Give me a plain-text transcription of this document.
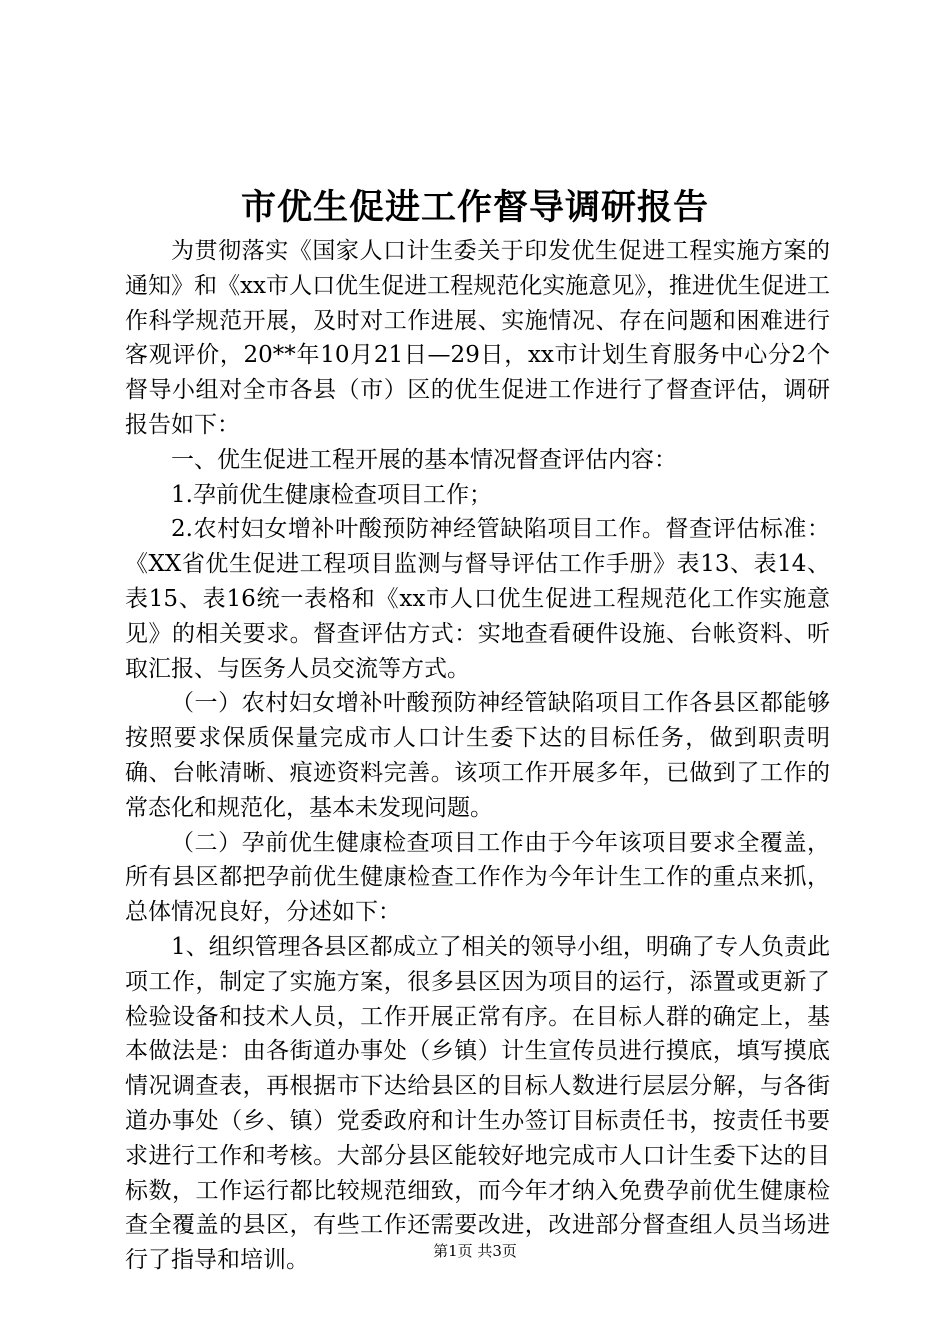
市优生促进工作督导调研报告

为贯彻落实《国家人口计生委关于印发优生促进工程实施方案的通知》和《xx市人口优生促进工程规范化实施意见》，推进优生促进工作科学规范开展，及时对工作进展、实施情况、存在问题和困难进行客观评价，20**年10月21日—29日，xx市计划生育服务中心分2个督导小组对全市各县（市）区的优生促进工作进行了督查评估，调研报告如下：

一、优生促进工程开展的基本情况督查评估内容：

1.孕前优生健康检查项目工作；

2.农村妇女增补叶酸预防神经管缺陷项目工作。督查评估标准：《XX省优生促进工程项目监测与督导评估工作手册》表13、表14、表15、表16统一表格和《xx市人口优生促进工程规范化工作实施意见》的相关要求。督查评估方式：实地查看硬件设施、台帐资料、听取汇报、与医务人员交流等方式。

（一）农村妇女增补叶酸预防神经管缺陷项目工作各县区都能够按照要求保质保量完成市人口计生委下达的目标任务，做到职责明确、台帐清晰、痕迹资料完善。该项工作开展多年，已做到了工作的常态化和规范化，基本未发现问题。

（二）孕前优生健康检查项目工作由于今年该项目要求全覆盖，所有县区都把孕前优生健康检查工作作为今年计生工作的重点来抓，总体情况良好，分述如下：

1、组织管理各县区都成立了相关的领导小组，明确了专人负责此项工作，制定了实施方案，很多县区因为项目的运行，添置或更新了检验设备和技术人员，工作开展正常有序。在目标人群的确定上，基本做法是：由各街道办事处（乡镇）计生宣传员进行摸底，填写摸底情况调查表，再根据市下达给县区的目标人数进行层层分解，与各街道办事处（乡、镇）党委政府和计生办签订目标责任书，按责任书要求进行工作和考核。大部分县区能较好地完成市人口计生委下达的目标数，工作运行都比较规范细致，而今年才纳入免费孕前优生健康检查全覆盖的县区，有些工作还需要改进，改进部分督查组人员当场进行了指导和培训。	第1页 共3页
